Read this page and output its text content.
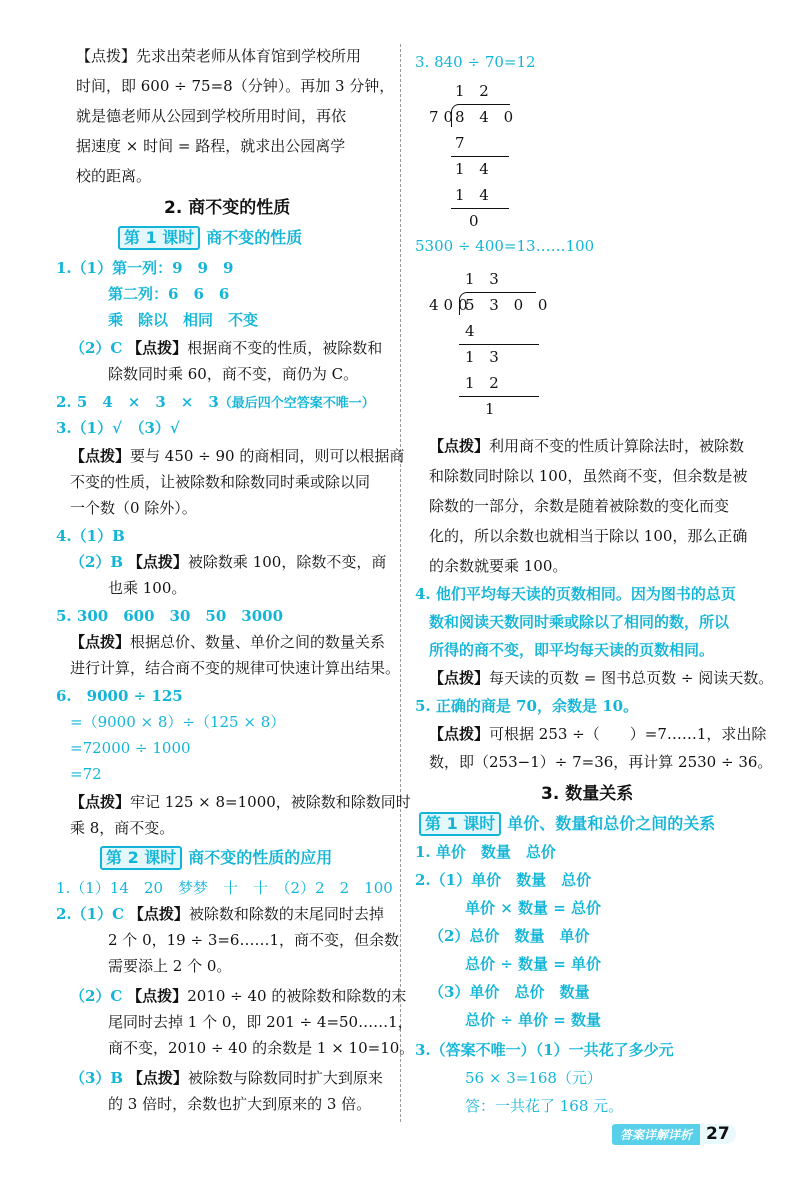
【点拨】先求出荣老师从体育馆到学校所用
时间，即 600 ÷ 75=8（分钟）。再加 3 分钟，
就是德老师从公园到学校所用时间，再依
据速度 × 时间 = 路程，就求出公园离学
校的距离。
2. 商不变的性质
第 1 课时 商不变的性质
1.（1）第一列：9　9　9
第二列：6　6　6
乘　除以　相同　不变
（2）C 【点拨】根据商不变的性质，被除数和
除数同时乘 60，商不变，商仍为 C。
2. 5　4　×　3　×　3（最后四个空答案不唯一）
3.（1）√　（3）√
【点拨】要与 450 ÷ 90 的商相同，则可以根据商
不变的性质，让被除数和除数同时乘或除以同
一个数（0 除外）。
4.（1）B
（2）B 【点拨】被除数乘 100，除数不变，商
也乘 100。
5. 300　600　30　50　3000
【点拨】根据总价、数量、单价之间的数量关系
进行计算，结合商不变的规律可快速计算出结果。
6.　9000 ÷ 125
=（9000 × 8）÷（125 × 8）
=72000 ÷ 1000
=72
【点拨】牢记 125 × 8=1000，被除数和除数同时
乘 8，商不变。
第 2 课时 商不变的性质的应用
1.（1）14　20　梦梦　十　十　（2）2　2　100
2.（1）C 【点拨】被除数和除数的末尾同时去掉
2 个 0，19 ÷ 3=6……1，商不变，但余数
需要添上 2 个 0。
（2）C 【点拨】2010 ÷ 40 的被除数和除数的末
尾同时去掉 1 个 0，即 201 ÷ 4=50……1，
商不变，2010 ÷ 40 的余数是 1 × 10=10。
（3）B 【点拨】被除数与除数同时扩大到原来
的 3 倍时，余数也扩大到原来的 3 倍。
3. 840 ÷ 70=12
1 2
70
8 4 0
7
1 4
1 4
0
5300 ÷ 400=13……100
1 3
400
5 3 0 0
4
1 3
1 2
1
【点拨】利用商不变的性质计算除法时，被除数
和除数同时除以 100，虽然商不变，但余数是被
除数的一部分，余数是随着被除数的变化而变
化的，所以余数也就相当于除以 100，那么正确
的余数就要乘 100。
4. 他们平均每天读的页数相同。因为图书的总页
数和阅读天数同时乘或除以了相同的数，所以
所得的商不变，即平均每天读的页数相同。
【点拨】每天读的页数 = 图书总页数 ÷ 阅读天数。
5. 正确的商是 70，余数是 10。
【点拨】可根据 253 ÷（　　）=7……1，求出除
数，即（253−1）÷ 7=36，再计算 2530 ÷ 36。
3. 数量关系
第 1 课时 单价、数量和总价之间的关系
1. 单价　数量　总价
2.（1）单价　数量　总价
单价 × 数量 = 总价
（2）总价　数量　单价
总价 ÷ 数量 = 单价
（3）单价　总价　数量
总价 ÷ 单价 = 数量
3.（答案不唯一）（1）一共花了多少元
56 × 3=168（元）
答：一共花了 168 元。
答案详解详析 27
